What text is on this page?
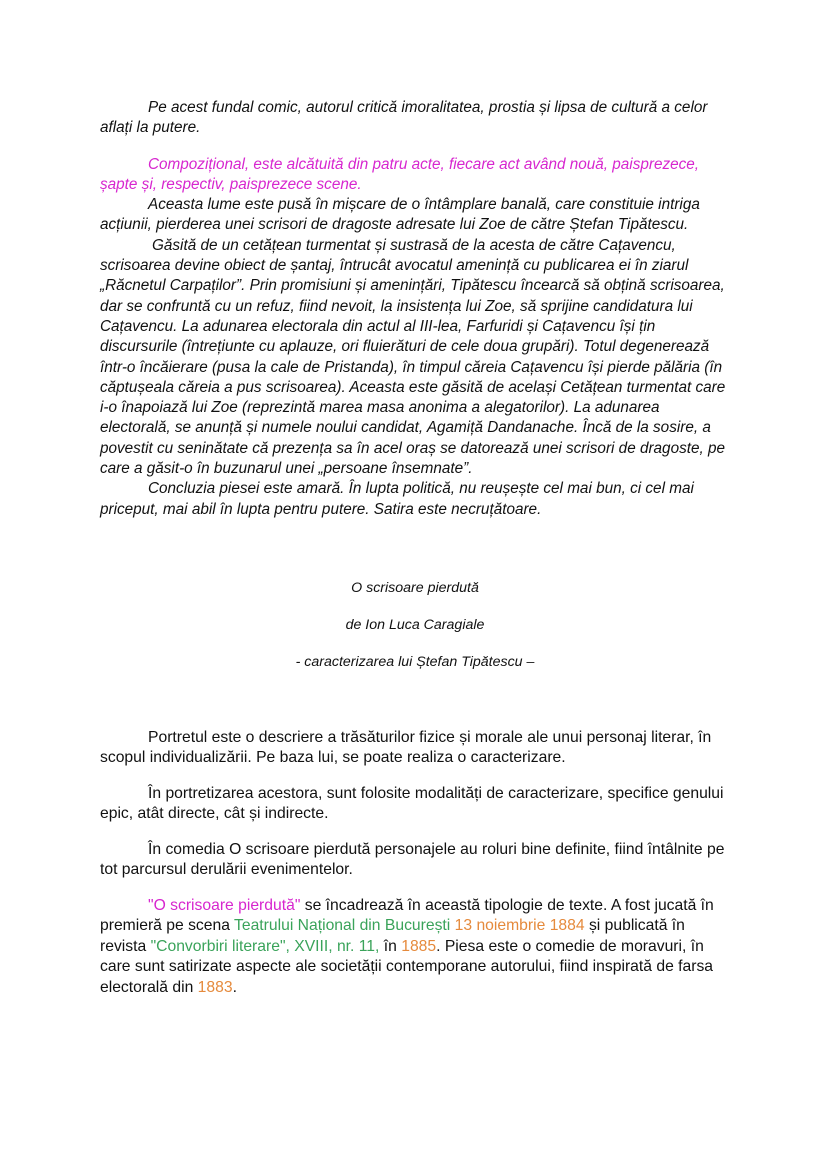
Pe acest fundal comic, autorul critică imoralitatea, prostia și lipsa de cultură a celor aflați la putere.

Compozițional, este alcătuită din patru acte, fiecare act având nouă, paisprezece, șapte și, respectiv, paisprezece scene.

Aceasta lume este pusă în mișcare de o întâmplare banală, care constituie intriga acțiunii, pierderea unei scrisori de dragoste adresate lui Zoe de către Ștefan Tipătescu.

Găsită de un cetățean turmentat și sustrasă de la acesta de către Cațavencu, scrisoarea devine obiect de șantaj, întrucât avocatul amenință cu publicarea ei în ziarul „Răcnetul Carpaților”. Prin promisiuni și amenințări, Tipătescu încearcă să obțină scrisoarea, dar se confruntă cu un refuz, fiind nevoit, la insistența lui Zoe, să sprijine candidatura lui Cațavencu. La adunarea electorala din actul al III-lea, Farfuridi și Cațavencu își țin discursurile (întrețiunte cu aplauze, ori fluierături de cele doua grupări). Totul degenerează într-o încăierare (pusa la cale de Pristanda), în timpul căreia Cațavencu își pierde pălăria (în căptușeala căreia a pus scrisoarea). Aceasta este găsită de același Cetățean turmentat care i-o înapoiază lui Zoe (reprezintă marea masa anonima a alegatorilor). La adunarea electorală, se anunță și numele noului candidat, Agamiță Dandanache. Încă de la sosire, a povestit cu seninătate că prezența sa în acel oraș se datorează unei scrisori de dragoste, pe care a găsit-o în buzunarul unei „persoane însemnate”.

Concluzia piesei este amară. În lupta politică, nu reușește cel mai bun, ci cel mai priceput, mai abil în lupta pentru putere. Satira este necruțătoare.

O scrisoare pierdută

de Ion Luca Caragiale

- caracterizarea lui Ștefan Tipătescu –

Portretul este o descriere a trăsăturilor fizice și morale ale unui personaj literar, în scopul individualizării. Pe baza lui, se poate realiza o caracterizare.

În portretizarea acestora, sunt folosite modalități de caracterizare, specifice genului epic, atât directe, cât și indirecte.

În comedia O scrisoare pierdută personajele au roluri bine definite, fiind întâlnite pe tot parcursul derulării evenimentelor.

"O scrisoare pierdută" se încadrează în această tipologie de texte. A fost jucată în premieră pe scena Teatrului Național din București 13 noiembrie 1884 și publicată în revista "Convorbiri literare", XVIII, nr. 11, în 1885. Piesa este o comedie de moravuri, în care sunt satirizate aspecte ale societății contemporane autorului, fiind inspirată de farsa electorală din 1883.
